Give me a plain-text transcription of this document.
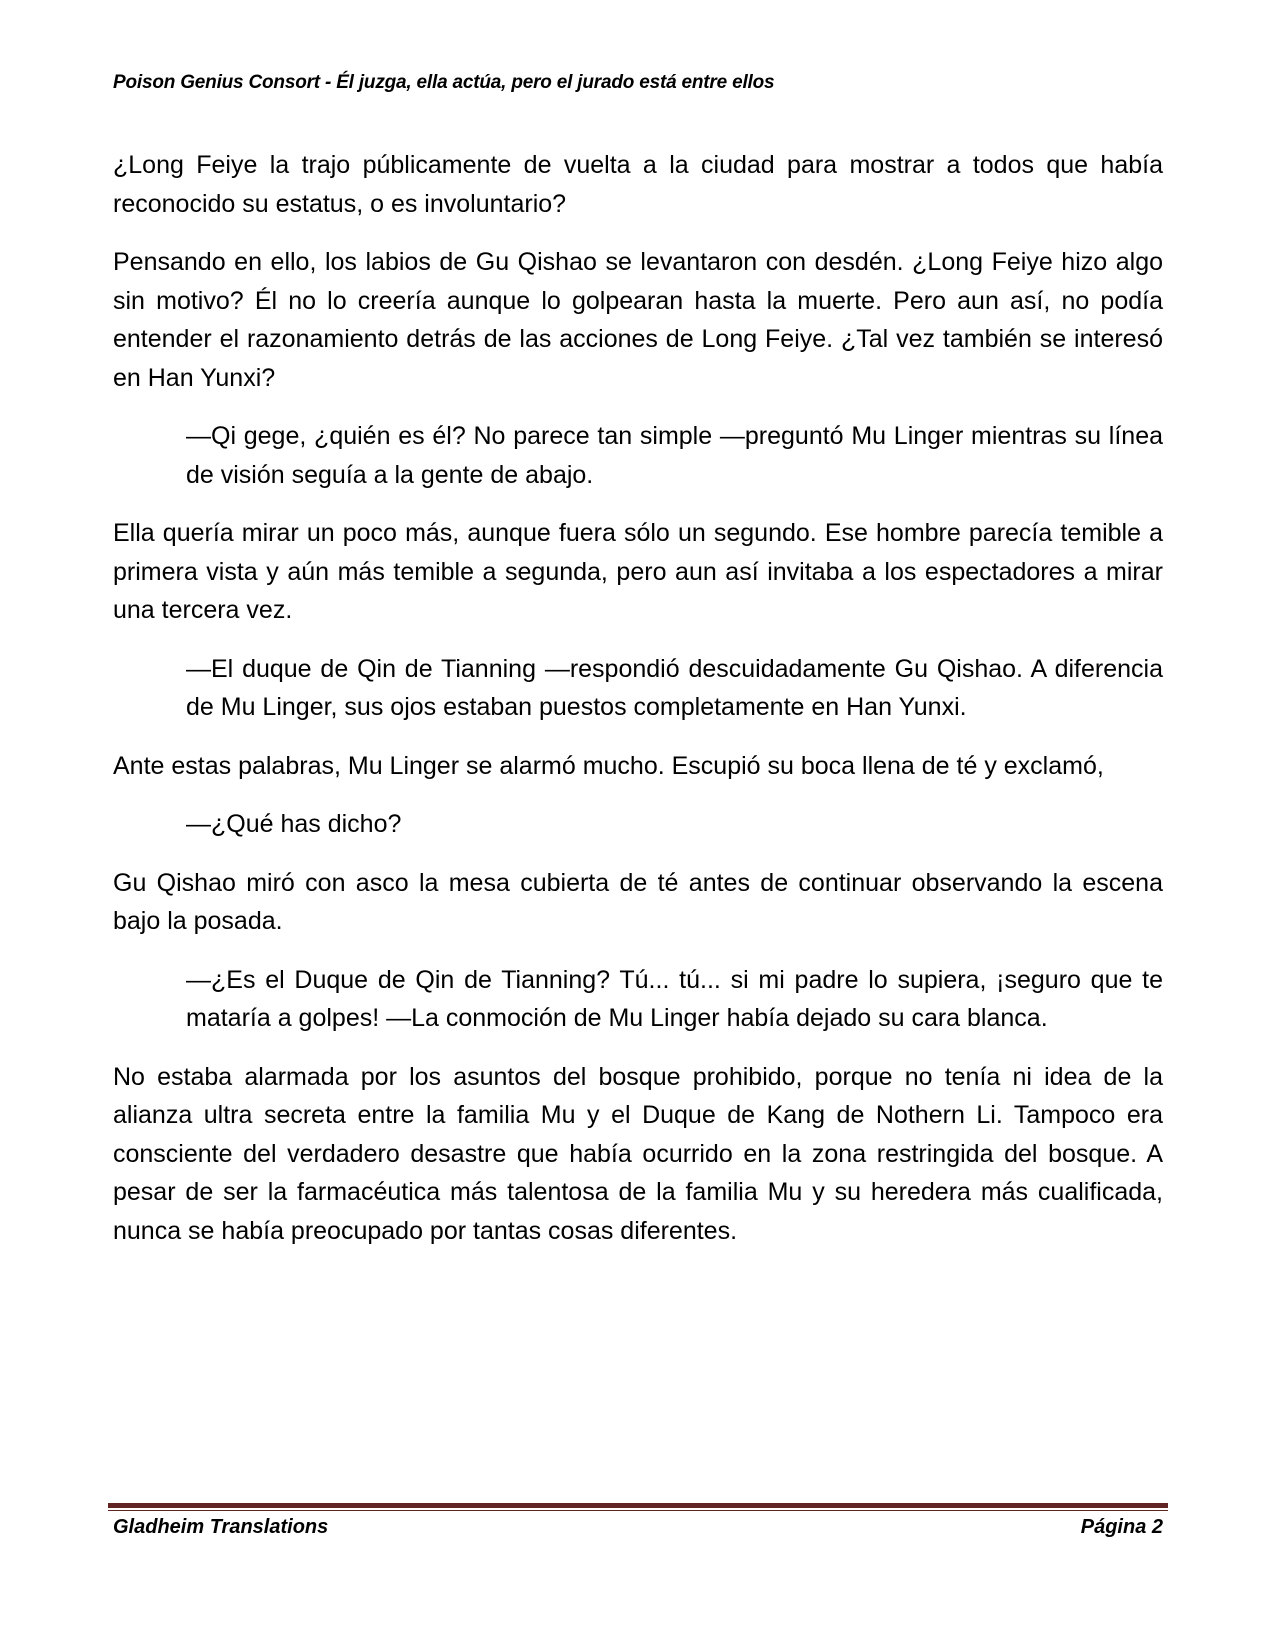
Poison Genius Consort - Él juzga, ella actúa, pero el jurado está entre ellos

¿Long Feiye la trajo públicamente de vuelta a la ciudad para mostrar a todos que había reconocido su estatus, o es involuntario?

Pensando en ello, los labios de Gu Qishao se levantaron con desdén. ¿Long Feiye hizo algo sin motivo? Él no lo creería aunque lo golpearan hasta la muerte. Pero aun así, no podía entender el razonamiento detrás de las acciones de Long Feiye. ¿Tal vez también se interesó en Han Yunxi?

—Qi gege, ¿quién es él? No parece tan simple —preguntó Mu Linger mientras su línea de visión seguía a la gente de abajo.

Ella quería mirar un poco más, aunque fuera sólo un segundo. Ese hombre parecía temible a primera vista y aún más temible a segunda, pero aun así invitaba a los espectadores a mirar una tercera vez.

—El duque de Qin de Tianning —respondió descuidadamente Gu Qishao. A diferencia de Mu Linger, sus ojos estaban puestos completamente en Han Yunxi.

Ante estas palabras, Mu Linger se alarmó mucho. Escupió su boca llena de té y exclamó,

—¿Qué has dicho?

Gu Qishao miró con asco la mesa cubierta de té antes de continuar observando la escena bajo la posada.

—¿Es el Duque de Qin de Tianning? Tú... tú... si mi padre lo supiera, ¡seguro que te mataría a golpes! —La conmoción de Mu Linger había dejado su cara blanca.

No estaba alarmada por los asuntos del bosque prohibido, porque no tenía ni idea de la alianza ultra secreta entre la familia Mu y el Duque de Kang de Nothern Li. Tampoco era consciente del verdadero desastre que había ocurrido en la zona restringida del bosque. A pesar de ser la farmacéutica más talentosa de la familia Mu y su heredera más cualificada, nunca se había preocupado por tantas cosas diferentes.

Gladheim Translations	Página 2
